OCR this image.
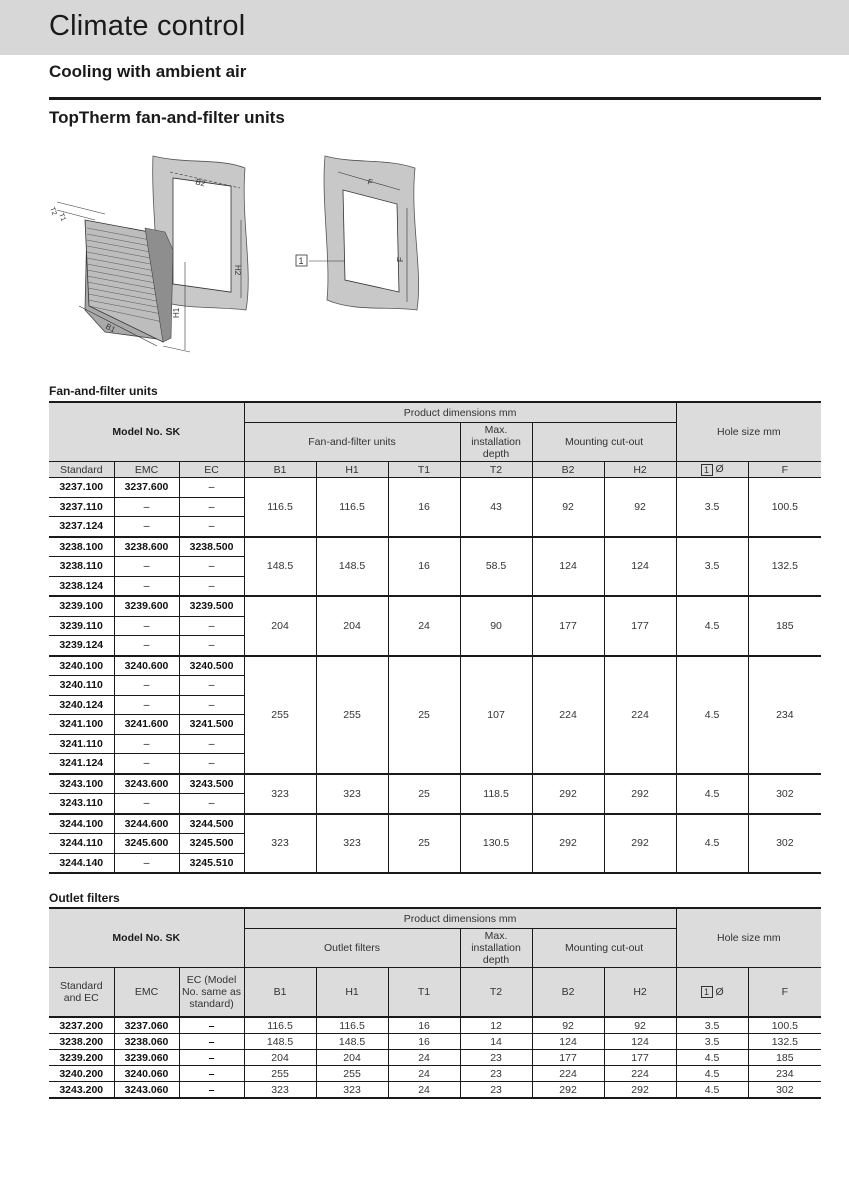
Climate control
Cooling with ambient air
TopTherm fan-and-filter units
B2
H2
T2
T1
H1
B1
F
F
1
Fan-and-filter units
Model No. SK			Product dimensions mm						Hole size mm	
			Fan-and-filter units			Max. installation depth	Mounting cut-out			
Standard	EMC	EC	B1	H1	T1	T2	B2	H2	1 Ø	F
3237.100	3237.600	–	116.5	116.5	16	43	92	92	3.5	100.5
3237.110	–	–								
3237.124	–	–								
3238.100	3238.600	3238.500	148.5	148.5	16	58.5	124	124	3.5	132.5
3238.110	–	–								
3238.124	–	–								
3239.100	3239.600	3239.500	204	204	24	90	177	177	4.5	185
3239.110	–	–								
3239.124	–	–								
3240.100	3240.600	3240.500	255	255	25	107	224	224	4.5	234
3240.110	–	–								
3240.124	–	–								
3241.100	3241.600	3241.500								
3241.110	–	–								
3241.124	–	–								
3243.100	3243.600	3243.500	323	323	25	118.5	292	292	4.5	302
3243.110	–	–								
3244.100	3244.600	3244.500	323	323	25	130.5	292	292	4.5	302
3244.110	3245.600	3245.500								
3244.140	–	3245.510								
Outlet filters
Model No. SK			Product dimensions mm						Hole size mm	
			Outlet filters			Max. installation depth	Mounting cut-out			
Standard and EC	EMC	EC (Model No. same as standard)	B1	H1	T1	T2	B2	H2	1 Ø	F
3237.200	3237.060	–	116.5	116.5	16	12	92	92	3.5	100.5
3238.200	3238.060	–	148.5	148.5	16	14	124	124	3.5	132.5
3239.200	3239.060	–	204	204	24	23	177	177	4.5	185
3240.200	3240.060	–	255	255	24	23	224	224	4.5	234
3243.200	3243.060	–	323	323	24	23	292	292	4.5	302
